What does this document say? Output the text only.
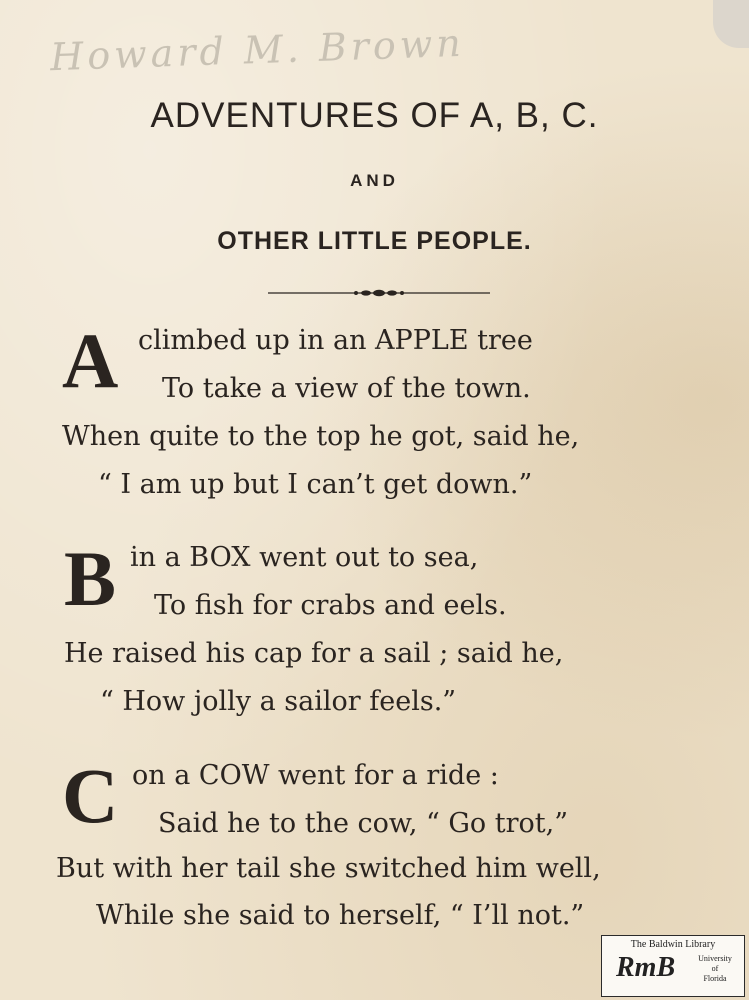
Howard M. Brown
ADVENTURES OF A, B, C.
AND
OTHER LITTLE PEOPLE.
A climbed up in an APPLE tree
To take a view of the town.
When quite to the top he got, said he,
“ I am up but I can’t get down.”
B in a BOX went out to sea,
To fish for crabs and eels.
He raised his cap for a sail ; said he,
“ How jolly a sailor feels.”
C on a COW went for a ride :
Said he to the cow, “ Go trot,”
But with her tail she switched him well,
While she said to herself, “ I’ll not.”
The Baldwin Library
RmB	University
of
Florida
